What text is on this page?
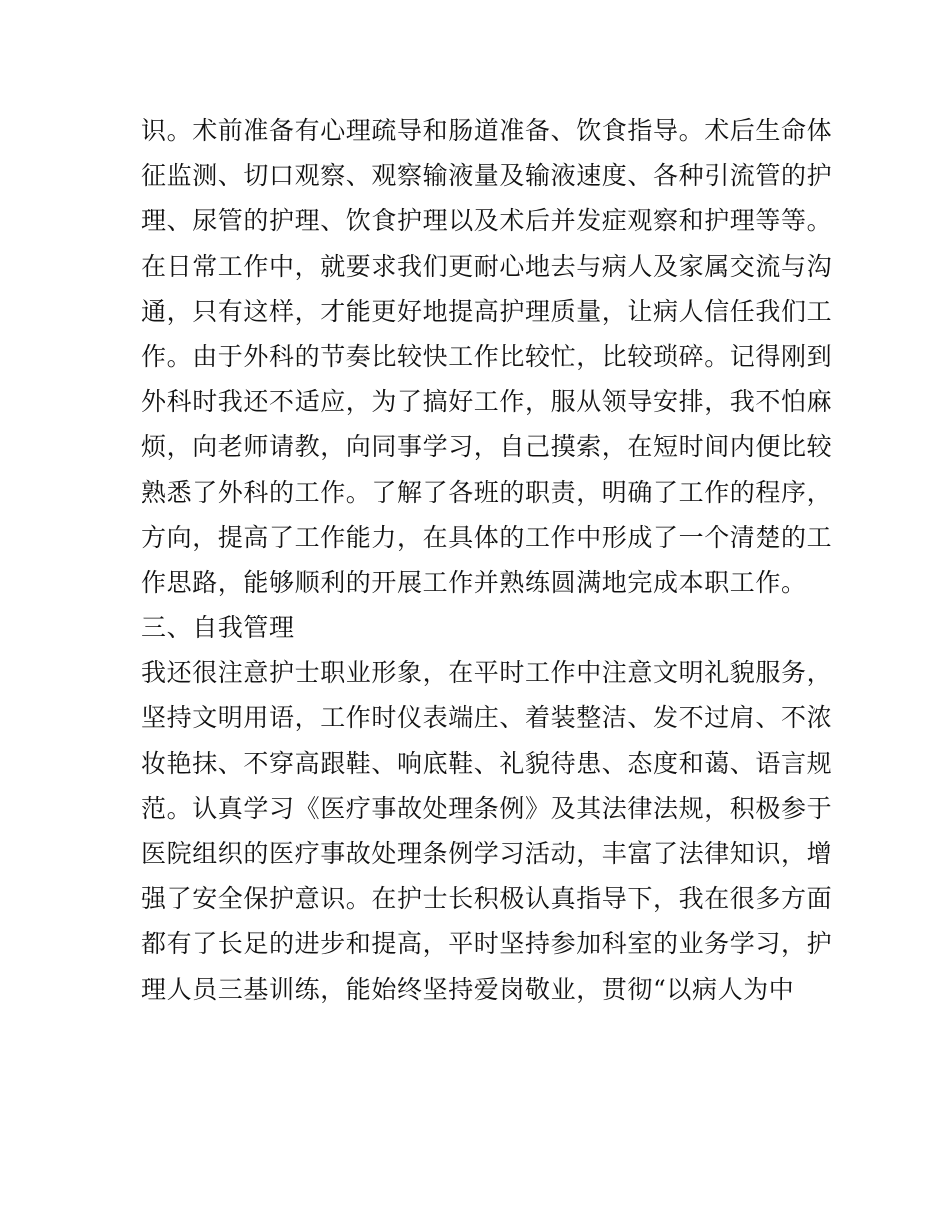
识。术前准备有心理疏导和肠道准备、饮食指导。术后生命体
征监测、切口观察、观察输液量及输液速度、各种引流管的护
理、尿管的护理、饮食护理以及术后并发症观察和护理等等。
在日常工作中，就要求我们更耐心地去与病人及家属交流与沟
通，只有这样，才能更好地提高护理质量，让病人信任我们工
作。由于外科的节奏比较快工作比较忙，比较琐碎。记得刚到
外科时我还不适应，为了搞好工作，服从领导安排，我不怕麻
烦，向老师请教，向同事学习，自己摸索，在短时间内便比较
熟悉了外科的工作。了解了各班的职责，明确了工作的程序，
方向，提高了工作能力，在具体的工作中形成了一个清楚的工
作思路，能够顺利的开展工作并熟练圆满地完成本职工作。
三、自我管理
我还很注意护士职业形象，在平时工作中注意文明礼貌服务，
坚持文明用语，工作时仪表端庄、着装整洁、发不过肩、不浓
妆艳抹、不穿高跟鞋、响底鞋、礼貌待患、态度和蔼、语言规
范。认真学习《医疗事故处理条例》及其法律法规，积极参于
医院组织的医疗事故处理条例学习活动，丰富了法律知识，增
强了安全保护意识。在护士长积极认真指导下，我在很多方面
都有了长足的进步和提高，平时坚持参加科室的业务学习，护
理人员三基训练，能始终坚持爱岗敬业，贯彻“以病人为中
